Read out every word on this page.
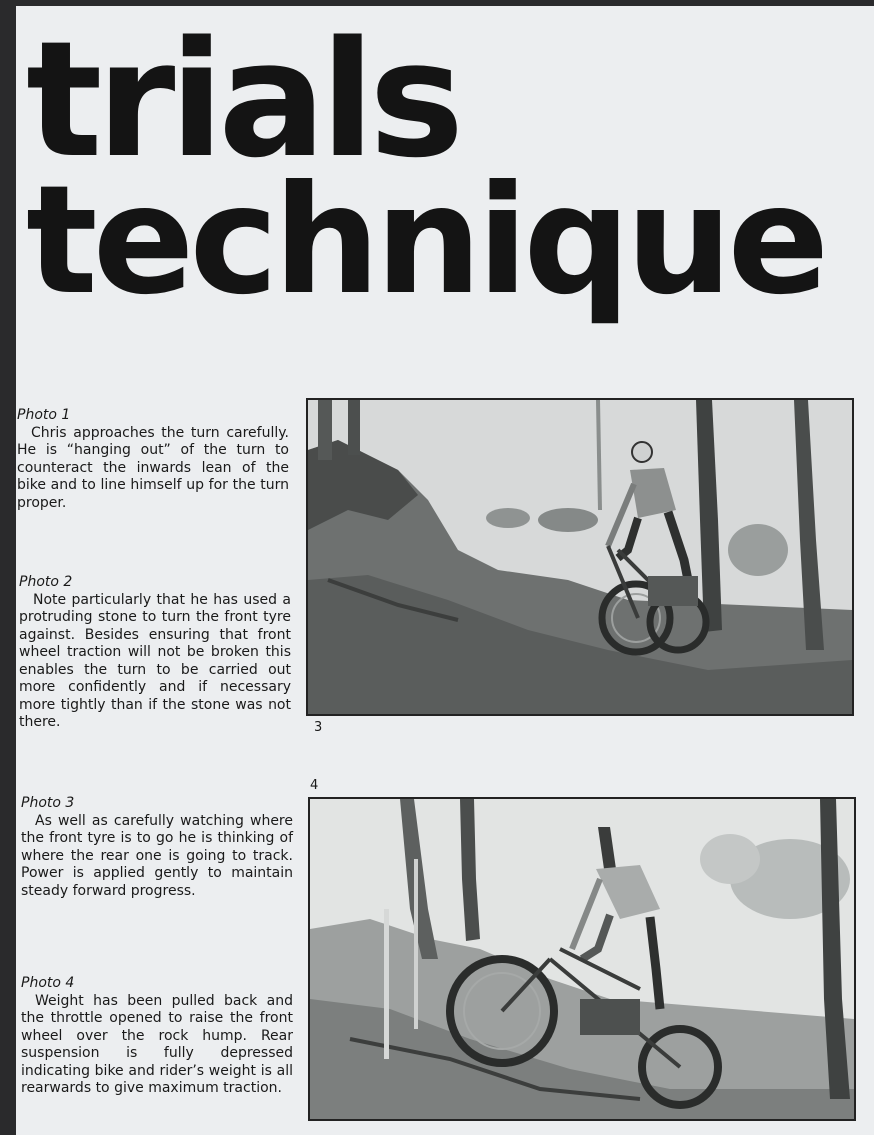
trials
technique
Photo 1
Chris approaches the turn carefully. He is “hanging out” of the turn to counteract the inwards lean of the bike and to line himself up for the turn proper.
Photo 2
Note particularly that he has used a protruding stone to turn the front tyre against. Besides ensuring that front wheel traction will not be broken this enables the turn to be carried out more confidently and if necessary more tightly than if the stone was not there.
Photo 3
As well as carefully watching where the front tyre is to go he is thinking of where the rear one is going to track. Power is applied gently to maintain steady forward progress.
Photo 4
Weight has been pulled back and the throttle opened to raise the front wheel over the rock hump. Rear suspension is fully depressed indicating bike and rider’s weight is all rearwards to give maximum traction.
3
4
